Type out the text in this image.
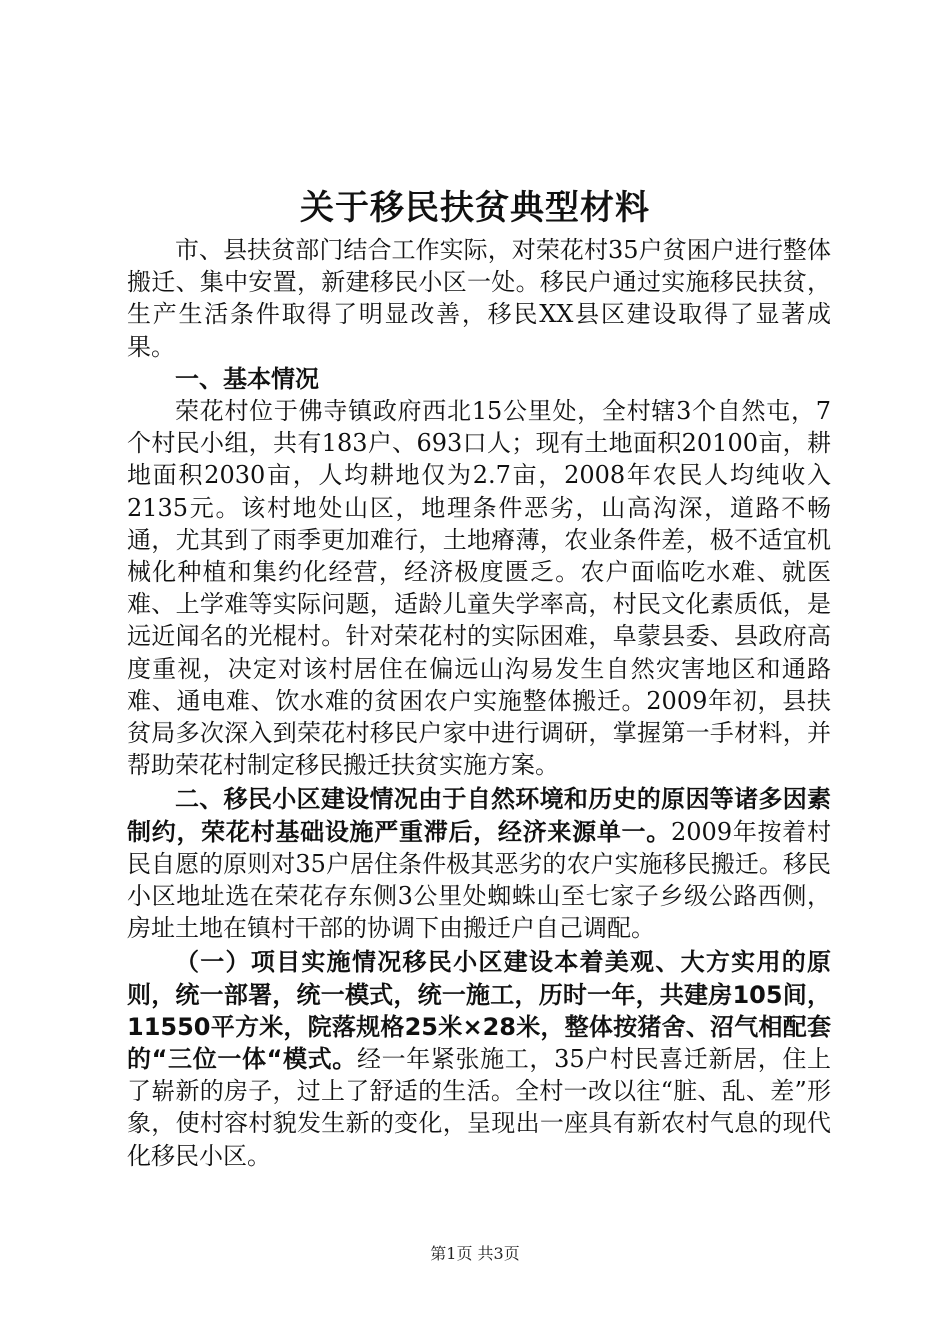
关于移民扶贫典型材料

市、县扶贫部门结合工作实际，对荣花村35户贫困户进行整体搬迁、集中安置，新建移民小区一处。移民户通过实施移民扶贫，生产生活条件取得了明显改善，移民XX县区建设取得了显著成果。

一、基本情况

荣花村位于佛寺镇政府西北15公里处，全村辖3个自然屯，7个村民小组，共有183户、693口人；现有土地面积20100亩，耕地面积2030亩，人均耕地仅为2.7亩，2008年农民人均纯收入2135元。该村地处山区，地理条件恶劣，山高沟深，道路不畅通，尤其到了雨季更加难行，土地瘠薄，农业条件差，极不适宜机械化种植和集约化经营，经济极度匮乏。农户面临吃水难、就医难、上学难等实际问题，适龄儿童失学率高，村民文化素质低，是远近闻名的光棍村。针对荣花村的实际困难，阜蒙县委、县政府高度重视，决定对该村居住在偏远山沟易发生自然灾害地区和通路难、通电难、饮水难的贫困农户实施整体搬迁。2009年初，县扶贫局多次深入到荣花村移民户家中进行调研，掌握第一手材料，并帮助荣花村制定移民搬迁扶贫实施方案。

二、移民小区建设情况由于自然环境和历史的原因等诸多因素制约，荣花村基础设施严重滞后，经济来源单一。2009年按着村民自愿的原则对35户居住条件极其恶劣的农户实施移民搬迁。移民小区地址选在荣花存东侧3公里处蜘蛛山至七家子乡级公路西侧，房址土地在镇村干部的协调下由搬迁户自己调配。

（一）项目实施情况移民小区建设本着美观、大方实用的原则，统一部署，统一模式，统一施工，历时一年，共建房105间，11550平方米，院落规格25米×28米，整体按猪舍、沼气相配套的“三位一体“模式。经一年紧张施工，35户村民喜迁新居，住上了崭新的房子，过上了舒适的生活。全村一改以往“脏、乱、差”形象，使村容村貌发生新的变化，呈现出一座具有新农村气息的现代化移民小区。

第1页 共3页
